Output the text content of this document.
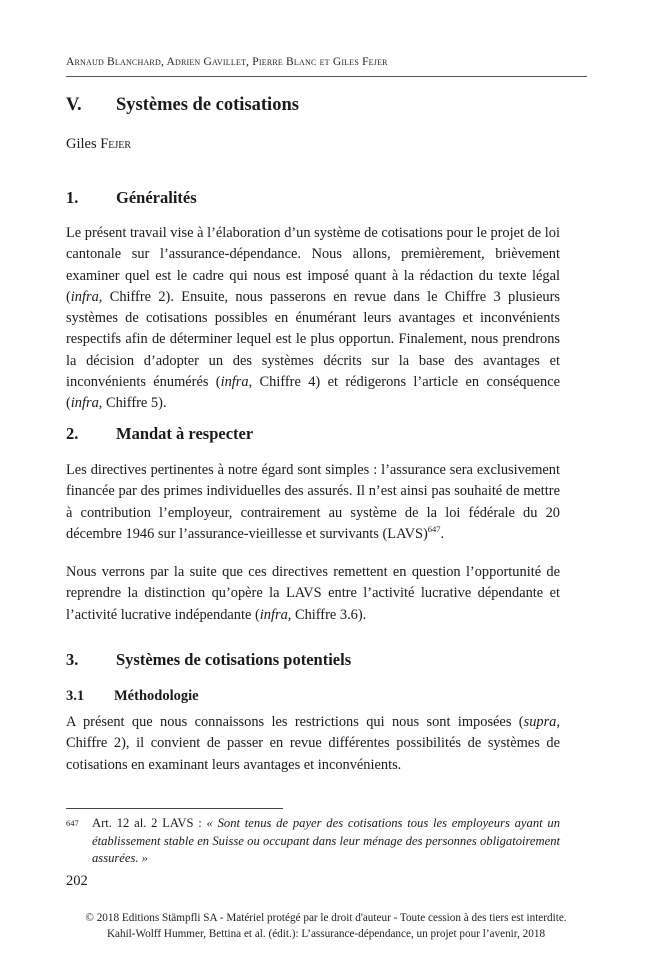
Arnaud Blanchard, Adrien Gavillet, Pierre Blanc et Giles Fejer
V. Systèmes de cotisations
Giles Fejer
1. Généralités
Le présent travail vise à l’élaboration d’un système de cotisations pour le projet de loi cantonale sur l’assurance-dépendance. Nous allons, premièrement, brièvement examiner quel est le cadre qui nous est imposé quant à la rédaction du texte légal (infra, Chiffre 2). Ensuite, nous passerons en revue dans le Chiffre 3 plusieurs systèmes de cotisations possibles en énumérant leurs avantages et inconvénients respectifs afin de déterminer lequel est le plus opportun. Finalement, nous prendrons la décision d’adopter un des systèmes décrits sur la base des avantages et inconvénients énumérés (infra, Chiffre 4) et rédigerons l’article en conséquence (infra, Chiffre 5).
2. Mandat à respecter
Les directives pertinentes à notre égard sont simples : l’assurance sera exclusivement financée par des primes individuelles des assurés. Il n’est ainsi pas souhaité de mettre à contribution l’employeur, contrairement au système de la loi fédérale du 20 décembre 1946 sur l’assurance-vieillesse et survivants (LAVS)$^{647}$.
Nous verrons par la suite que ces directives remettent en question l’opportunité de reprendre la distinction qu’opère la LAVS entre l’activité lucrative dépendante et l’activité lucrative indépendante (infra, Chiffre 3.6).
3. Systèmes de cotisations potentiels
3.1 Méthodologie
A présent que nous connaissons les restrictions qui nous sont imposées (supra, Chiffre 2), il convient de passer en revue différentes possibilités de systèmes de cotisations en examinant leurs avantages et inconvénients.
647 Art. 12 al. 2 LAVS : « Sont tenus de payer des cotisations tous les employeurs ayant un établissement stable en Suisse ou occupant dans leur ménage des personnes obligatoirement assurées. »
202
© 2018 Editions Stämpfli SA - Matériel protégé par le droit d'auteur - Toute cession à des tiers est interdite.
Kahil-Wolff Hummer, Bettina et al. (édit.): L’assurance-dépendance, un projet pour l’avenir, 2018
